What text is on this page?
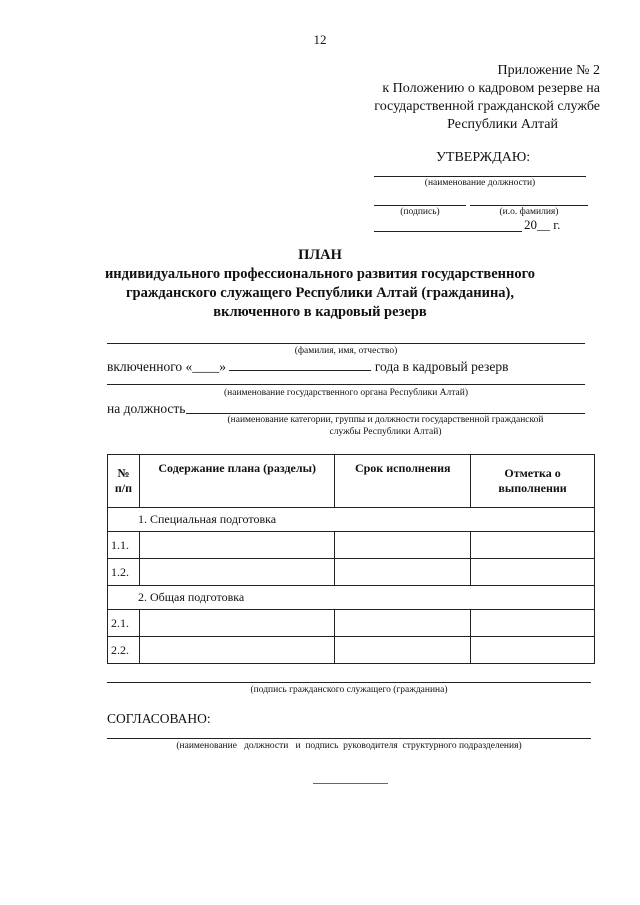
12
Приложение № 2
к Положению о кадровом резерве на
государственной гражданской службе
Республики Алтай
УТВЕРЖДАЮ:
(наименование должности)
(подпись)	(и.о. фамилия)
20__ г.
ПЛАН
индивидуального профессионального развития государственного
гражданского служащего Республики Алтай (гражданина),
включенного в кадровый резерв
(фамилия, имя, отчество)
включенного «____»	года в кадровый резерв
(наименование государственного органа Республики Алтай)
на должность
(наименование категории, группы и должности государственной гражданской
службы Республики Алтай)
№ п/п	Содержание плана (разделы)	Срок исполнения	Отметка о выполнении
1. Специальная подготовка			
1.1.			
1.2.			
2. Общая подготовка			
2.1.			
2.2.			
(подпись гражданского служащего (гражданина)
СОГЛАСОВАНО:
(наименование   должности   и  подпись  руководителя  структурного подразделения)
